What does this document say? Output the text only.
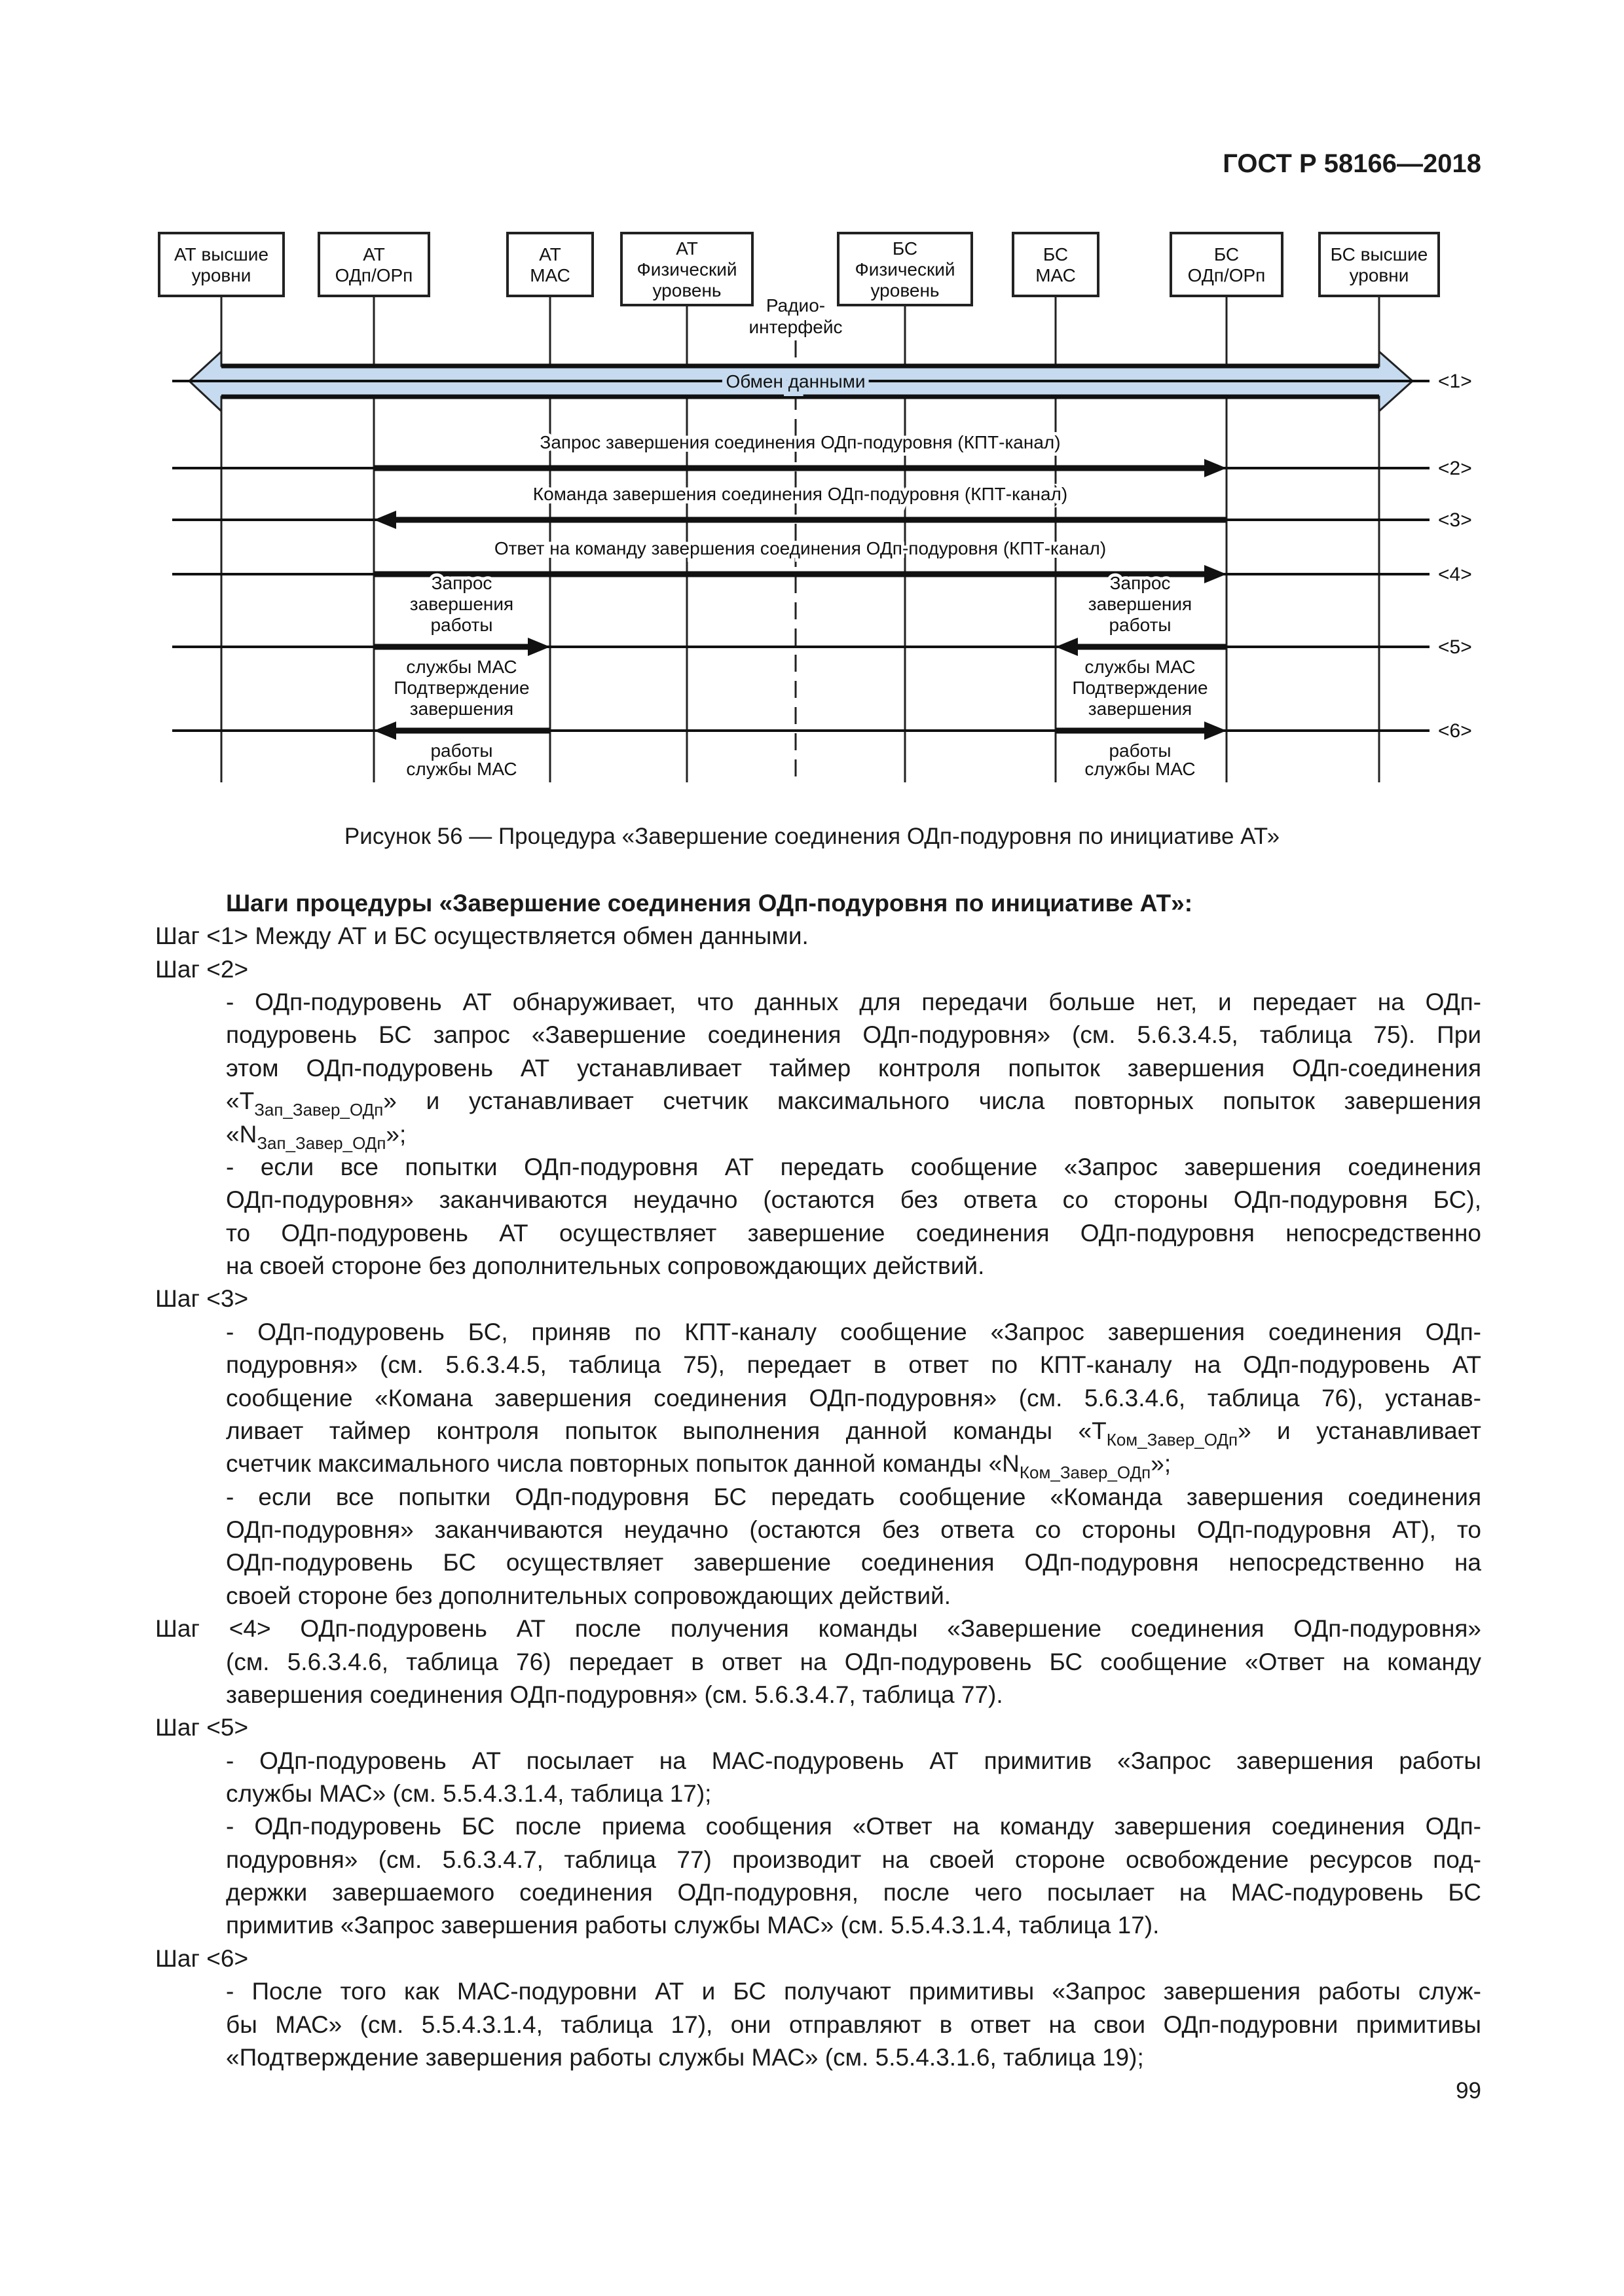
ГОСТ Р 58166—2018
АТ высшие
уровни
АТ
ОДп/ОРп
АТ
МАС
АТ
Физический
уровень
БС
Физический
уровень
БС
МАС
БС
ОДп/ОРп
БС высшие
уровни
Радио-
интерфейс
Обмен данными	<1>
<2>
Запрос завершения соединения ОДп-подуровня (КПТ-канал)
<3>
Команда завершения соединения ОДп-подуровня (КПТ-канал)
<4>
Ответ на команду завершения соединения ОДп-подуровня (КПТ-канал)
<5>
Запрос
завершения
работы
службы МАС
Запрос
завершения
работы
службы МАС
<6>
Подтверждение
завершения
работы
службы МАС
Подтверждение
завершения
работы
службы МАС
Рисунок 56 — Процедура «Завершение соединения ОДп-подуровня по инициативе АТ»
Шаги процедуры «Завершение соединения ОДп-подуровня по инициативе АТ»:
Шаг <1> Между АТ и БС осуществляется обмен данными.
Шаг <2>
- ОДп-подуровень АТ обнаруживает, что данных для передачи больше нет, и передает на ОДп-
подуровень БС запрос «Завершение соединения ОДп-подуровня» (см. 5.6.3.4.5, таблица 75). При
этом ОДп-подуровень АТ устанавливает таймер контроля попыток завершения ОДп-соединения
«$T_{Зап\_Завер\_ОДп}$» и устанавливает счетчик максимального числа повторных попыток завершения
«$N_{Зап\_Завер\_ОДп}$»;
- если все попытки ОДп-подуровня АТ передать сообщение «Запрос завершения соединения
ОДп-подуровня» заканчиваются неудачно (остаются без ответа со стороны ОДп-подуровня БС),
то ОДп-подуровень АТ осуществляет завершение соединения ОДп-подуровня непосредственно
на своей стороне без дополнительных сопровождающих действий.
Шаг <3>
- ОДп-подуровень БС, приняв по КПТ-каналу сообщение «Запрос завершения соединения ОДп-
подуровня» (см. 5.6.3.4.5, таблица 75), передает в ответ по КПТ-каналу на ОДп-подуровень АТ
сообщение «Комана завершения соединения ОДп-подуровня» (см. 5.6.3.4.6, таблица 76), устанав-
ливает таймер контроля попыток выполнения данной команды «$T_{Ком\_Завер\_ОДп}$» и устанавливает
счетчик максимального числа повторных попыток данной команды «$N_{Ком\_Завер\_ОДп}$»;
- если все попытки ОДп-подуровня БС передать сообщение «Команда завершения соединения
ОДп-подуровня» заканчиваются неудачно (остаются без ответа со стороны ОДп-подуровня АТ), то
ОДп-подуровень БС осуществляет завершение соединения ОДп-подуровня непосредственно на
своей стороне без дополнительных сопровождающих действий.
Шаг <4> ОДп-подуровень АТ после получения команды «Завершение соединения ОДп-подуровня»
(см. 5.6.3.4.6, таблица 76) передает в ответ на ОДп-подуровень БС сообщение «Ответ на команду
завершения соединения ОДп-подуровня» (см. 5.6.3.4.7, таблица 77).
Шаг <5>
- ОДп-подуровень АТ посылает на МАС-подуровень АТ примитив «Запрос завершения работы
службы МАС» (см. 5.5.4.3.1.4, таблица 17);
- ОДп-подуровень БС после приема сообщения «Ответ на команду завершения соединения ОДп-
подуровня» (см. 5.6.3.4.7, таблица 77) производит на своей стороне освобождение ресурсов под-
держки завершаемого соединения ОДп-подуровня, после чего посылает на МАС-подуровень БС
примитив «Запрос завершения работы службы МАС» (см. 5.5.4.3.1.4, таблица 17).
Шаг <6>
- После того как МАС-подуровни АТ и БС получают примитивы «Запрос завершения работы служ-
бы МАС» (см. 5.5.4.3.1.4, таблица 17), они отправляют в ответ на свои ОДп-подуровни примитивы
«Подтверждение завершения работы службы МАС» (см. 5.5.4.3.1.6, таблица 19);
99
